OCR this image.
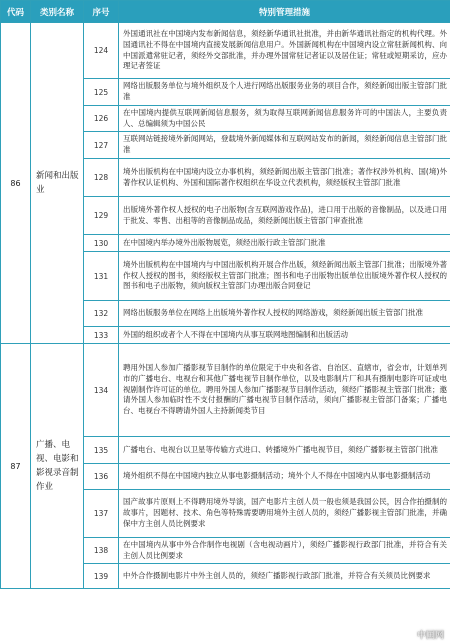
代码	类别名称	序号	特别管理措施
86	新闻和出版业	124	外国通讯社在中国境内发布新闻信息，须经新华通讯社批准，并由新华通讯社指定的机构代理。外国通讯社不得在中国境内直接发展新闻信息用户。外国新闻机构在中国境内设立常驻新闻机构、向中国派遣常驻记者，须经外交部批准，并办理外国常驻记者证以及居住证；常驻或短期采访，应办理记者签证
		125	网络出版服务单位与境外组织及个人进行网络出版服务业务的项目合作，须经新闻出版主管部门批准
		126	在中国境内提供互联网新闻信息服务，须为取得互联网新闻信息服务许可的中国法人，主要负责人、总编辑须为中国公民
		127	互联网站链接境外新闻网站，登载境外新闻媒体和互联网站发布的新闻，须经新闻信息主管部门批准
		128	境外出版机构在中国境内设立办事机构，须经新闻出版主管部门批准；著作权涉外机构、国(境)外著作权认证机构、外国和国际著作权组织在华设立代表机构，须经版权主管部门批准
		129	出版境外著作权人授权的电子出版物(含互联网游戏作品)，进口用于出版的音像制品，以及进口用于批发、零售、出租等的音像制品成品，须经新闻出版主管部门审查批准
		130	在中国境内举办境外出版物展览，须经出版行政主管部门批准
		131	境外出版机构在中国境内与中国出版机构开展合作出版，须经新闻出版主管部门批准；出版境外著作权人授权的图书，须经版权主管部门批准；图书和电子出版物出版单位出版境外著作权人授权的图书和电子出版物，须向版权主管部门办理出版合同登记
		132	网络出版服务单位在网络上出版境外著作权人授权的网络游戏，须经新闻出版主管部门批准
		133	外国的组织或者个人不得在中国境内从事互联网地图编制和出版活动
87	广播、电视、电影和影视录音制作业	134	聘用外国人参加广播影视节目制作的单位限定于中央和各省、自治区、直辖市，省会市，计划单列市的广播电台、电视台和其他广播电视节目制作单位，以及电影制片厂和具有摄制电影许可证或电视剧制作许可证的单位。聘用外国人参加广播影视节目制作活动，须经广播影视主管部门批准；邀请外国人参加临时性不支付报酬的广播电视节目制作活动，须向广播影视主管部门备案；广播电台、电视台不得聘请外国人主持新闻类节目
		135	广播电台、电视台以卫星等传输方式进口、转播境外广播电视节目，须经广播影视主管部门批准
		136	境外组织不得在中国境内独立从事电影摄制活动；境外个人不得在中国境内从事电影摄制活动
		137	国产故事片原则上不得聘用境外导演，国产电影片主创人员一般也须是我国公民，因合作拍摄制的故事片，因题材、技术、角色等特殊需要聘用境外主创人员的，须经广播影视主管部门批准，并确保中方主创人员比例要求
		138	在中国境内从事中外合作制作电视剧（含电视动画片），须经广播影视行政部门批准，并符合有关主创人员比例要求
		139	中外合作摄制电影片中外主创人员的，须经广播影视行政部门批准，并符合有关须员比例要求
中国网
